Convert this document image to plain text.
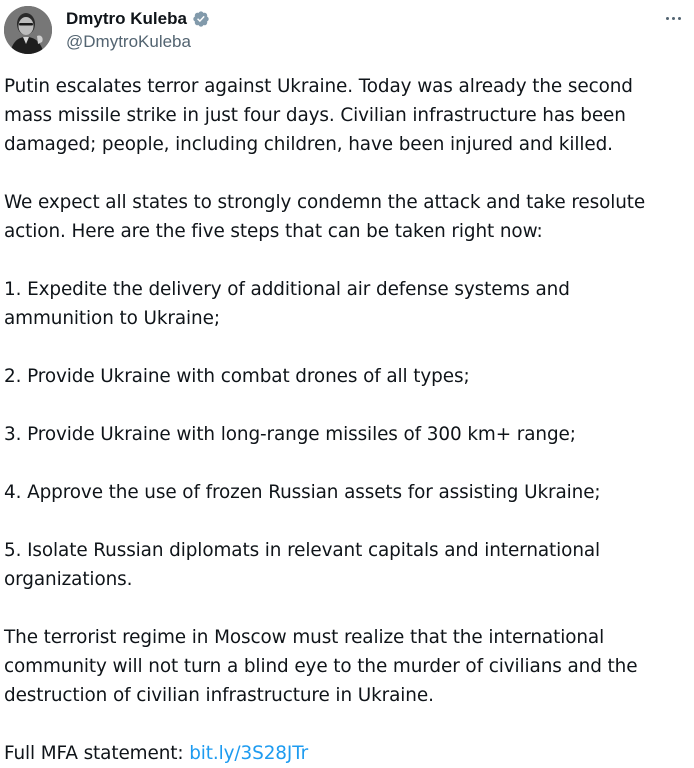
Dmytro Kuleba
@DmytroKuleba

Putin escalates terror against Ukraine. Today was already the second
mass missile strike in just four days. Civilian infrastructure has been
damaged; people, including children, have been injured and killed.

We expect all states to strongly condemn the attack and take resolute
action. Here are the five steps that can be taken right now:

1. Expedite the delivery of additional air defense systems and
ammunition to Ukraine;

2. Provide Ukraine with combat drones of all types;

3. Provide Ukraine with long-range missiles of 300 km+ range;

4. Approve the use of frozen Russian assets for assisting Ukraine;

5. Isolate Russian diplomats in relevant capitals and international
organizations.

The terrorist regime in Moscow must realize that the international
community will not turn a blind eye to the murder of civilians and the
destruction of civilian infrastructure in Ukraine.

Full MFA statement: bit.ly/3S28JTr
